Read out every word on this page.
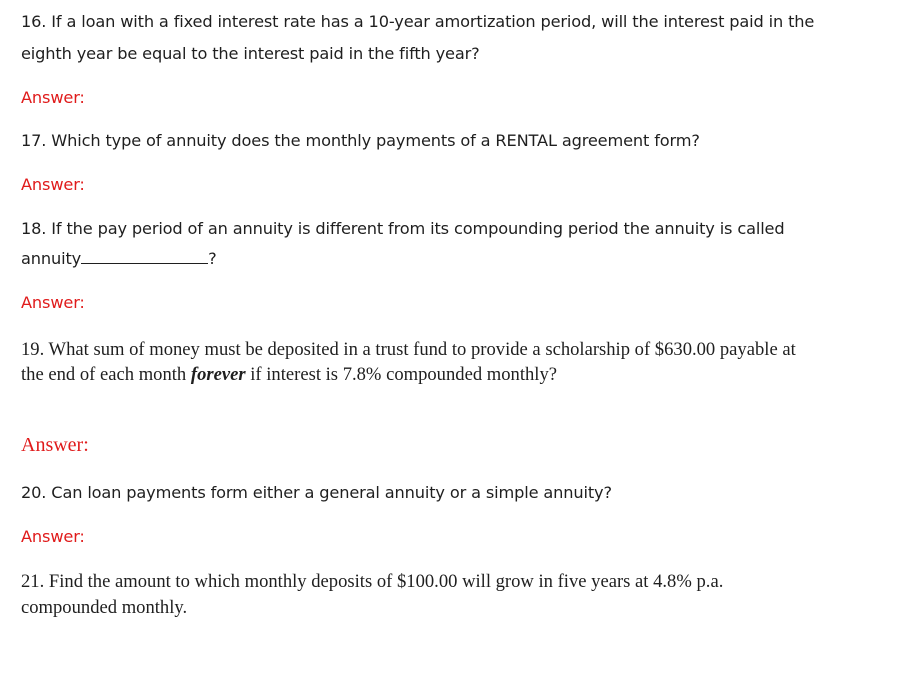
16. If a loan with a fixed interest rate has a 10-year amortization period, will the interest paid in the
eighth year be equal to the interest paid in the fifth year?
Answer:
17. Which type of annuity does the monthly payments of a RENTAL agreement form?
Answer:
18. If the pay period of an annuity is different from its compounding period the annuity is called
annuity	?
Answer:
19. What sum of money must be deposited in a trust fund to provide a scholarship of $630.00 payable at
the end of each month forever if interest is 7.8% compounded monthly?
Answer:
20. Can loan payments form either a general annuity or a simple annuity?
Answer:
21. Find the amount to which monthly deposits of $100.00 will grow in five years at 4.8% p.a.
compounded monthly.
